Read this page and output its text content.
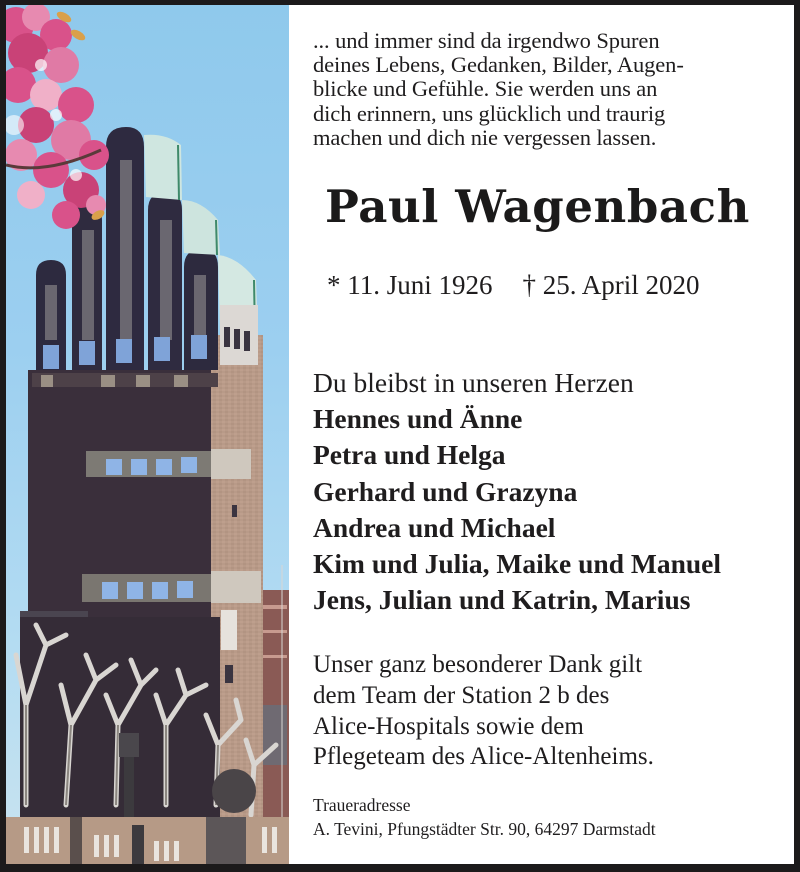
... und immer sind da irgendwo Spuren
deines Lebens, Gedanken, Bilder, Augen-
blicke und Gefühle. Sie werden uns an
dich erinnern, uns glücklich und traurig
machen und dich nie vergessen lassen.
Paul Wagenbach
* 11. Juni 1926 † 25. April 2020
Du bleibst in unseren Herzen
Hennes und Änne
Petra und Helga
Gerhard und Grazyna
Andrea und Michael
Kim und Julia, Maike und Manuel
Jens, Julian und Katrin, Marius
Unser ganz besonderer Dank gilt
dem Team der Station 2 b des
Alice-Hospitals sowie dem
Pflegeteam des Alice-Altenheims.
Traueradresse
A. Tevini, Pfungstädter Str. 90, 64297 Darmstadt
